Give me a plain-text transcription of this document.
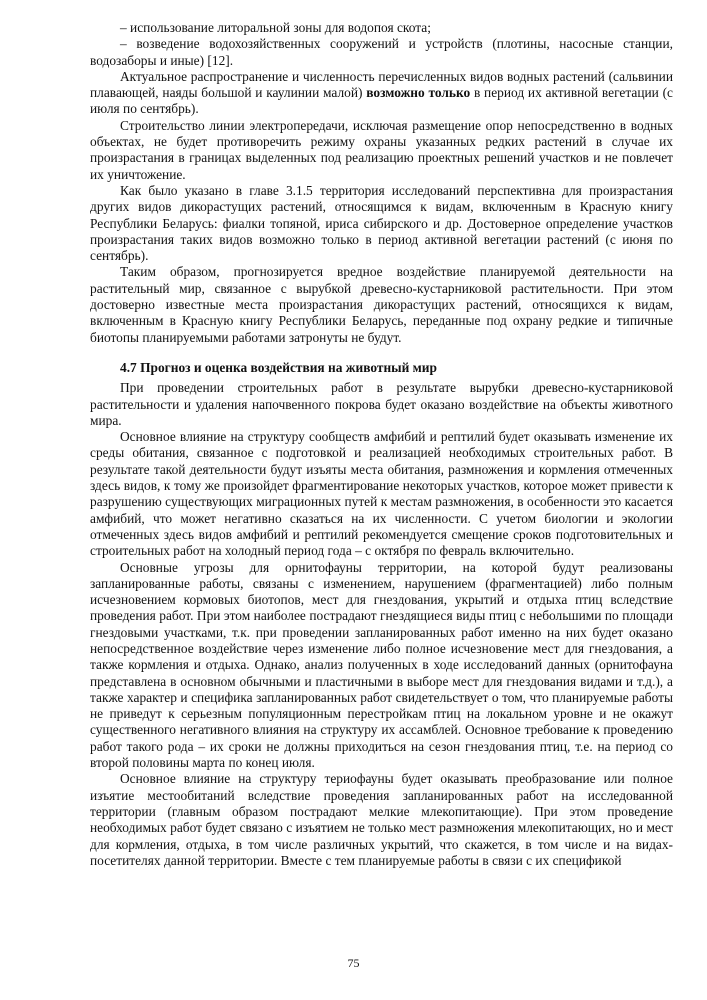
– использование литоральной зоны для водопоя скота;

– возведение водохозяйственных сооружений и устройств (плотины, насосные станции, водозаборы и иные) [12].

Актуальное распространение и численность перечисленных видов водных растений (сальвинии плавающей, наяды большой и каулинии малой) возможно только в период их активной вегетации (с июля по сентябрь).

Строительство линии электропередачи, исключая размещение опор непосредственно в водных объектах, не будет противоречить режиму охраны указанных редких растений в случае их произрастания в границах выделенных под реализацию проектных решений участков и не повлечет их уничтожение.

Как было указано в главе 3.1.5 территория исследований перспективна для произрастания других видов дикорастущих растений, относящимся к видам, включенным в Красную книгу Республики Беларусь: фиалки топяной, ириса сибирского и др. Достоверное определение участков произрастания таких видов возможно только в период активной вегетации растений (с июня по сентябрь).

Таким образом, прогнозируется вредное воздействие планируемой деятельности на растительный мир, связанное с вырубкой древесно-кустарниковой растительности. При этом достоверно известные места произрастания дикорастущих растений, относящихся к видам, включенным в Красную книгу Республики Беларусь, переданные под охрану редкие и типичные биотопы планируемыми работами затронуты не будут.

4.7 Прогноз и оценка воздействия на животный мир

При проведении строительных работ в результате вырубки древесно-кустарниковой растительности и удаления напочвенного покрова будет оказано воздействие на объекты животного мира.

Основное влияние на структуру сообществ амфибий и рептилий будет оказывать изменение их среды обитания, связанное с подготовкой и реализацией необходимых строительных работ. В результате такой деятельности будут изъяты места обитания, размножения и кормления отмеченных здесь видов, к тому же произойдет фрагментирование некоторых участков, которое может привести к разрушению существующих миграционных путей к местам размножения, в особенности это касается амфибий, что может негативно сказаться на их численности. С учетом биологии и экологии отмеченных здесь видов амфибий и рептилий рекомендуется смещение сроков подготовительных и строительных работ на холодный период года – с октября по февраль включительно.

Основные угрозы для орнитофауны территории, на которой будут реализованы запланированные работы, связаны с изменением, нарушением (фрагментацией) либо полным исчезновением кормовых биотопов, мест для гнездования, укрытий и отдыха птиц вследствие проведения работ. При этом наиболее пострадают гнездящиеся виды птиц с небольшими по площади гнездовыми участками, т.к. при проведении запланированных работ именно на них будет оказано непосредственное воздействие через изменение либо полное исчезновение мест для гнездования, а также кормления и отдыха. Однако, анализ полученных в ходе исследований данных (орнитофауна представлена в основном обычными и пластичными в выборе мест для гнездования видами и т.д.), а также характер и специфика запланированных работ свидетельствует о том, что планируемые работы не приведут к серьезным популяционным перестройкам птиц на локальном уровне и не окажут существенного негативного влияния на структуру их ассамблей. Основное требование к проведению работ такого рода – их сроки не должны приходиться на сезон гнездования птиц, т.е. на период со второй половины марта по конец июля.

Основное влияние на структуру териофауны будет оказывать преобразование или полное изъятие местообитаний вследствие проведения запланированных работ на исследованной территории (главным образом пострадают мелкие млекопитающие). При этом проведение необходимых работ будет связано с изъятием не только мест размножения млекопитающих, но и мест для кормления, отдыха, в том числе различных укрытий, что скажется, в том числе и на видах-посетителях данной территории. Вместе с тем планируемые работы в связи с их спецификой

75
